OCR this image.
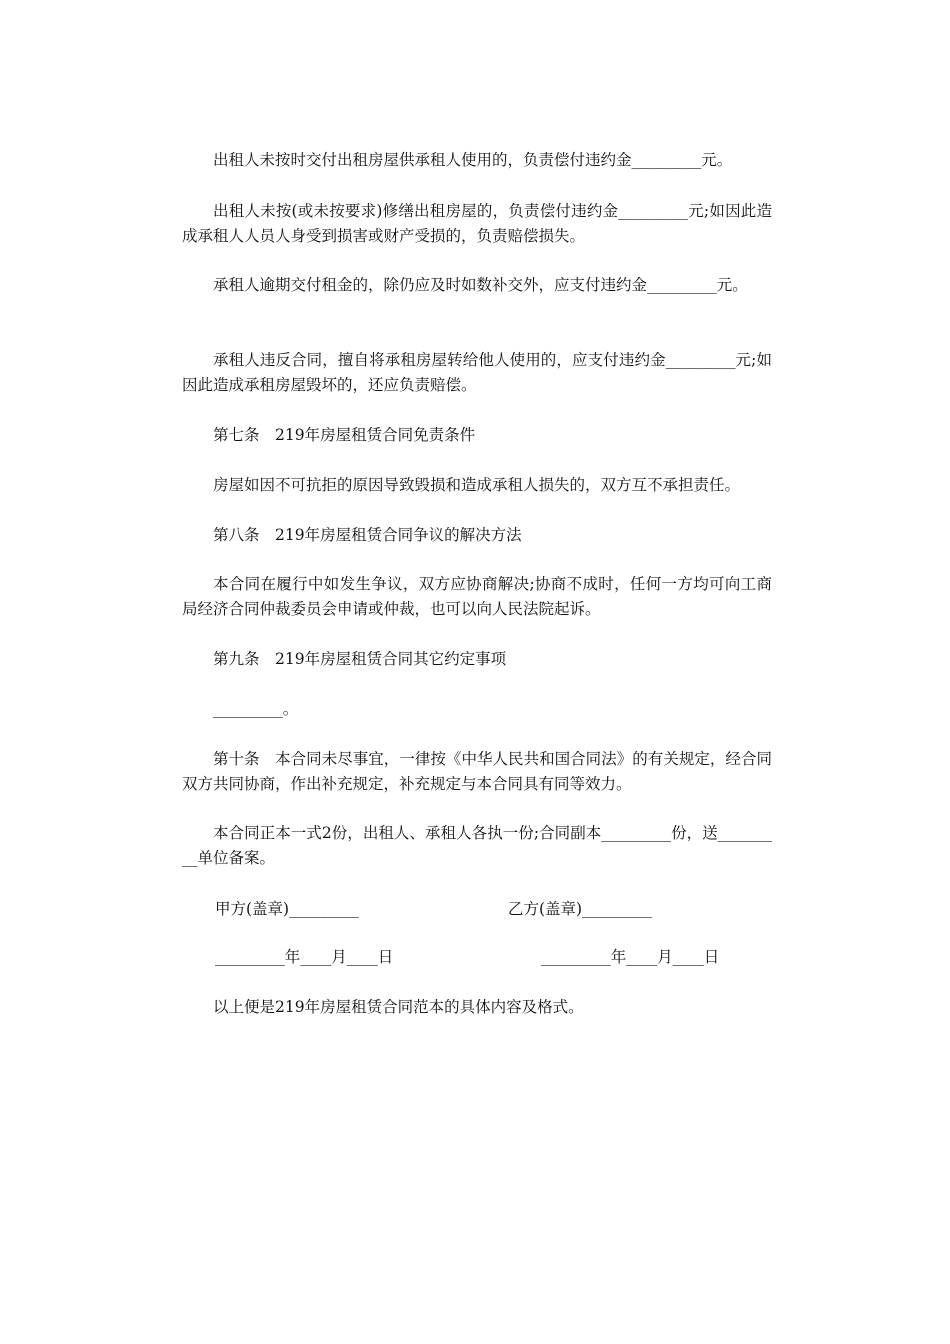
出租人未按时交付出租房屋供承租人使用的，负责偿付违约金_________元。

出租人未按(或未按要求)修缮出租房屋的，负责偿付违约金_________元;如因此造成承租人人员人身受到损害或财产受损的，负责赔偿损失。

承租人逾期交付租金的，除仍应及时如数补交外，应支付违约金_________元。

承租人违反合同，擅自将承租房屋转给他人使用的，应支付违约金_________元;如因此造成承租房屋毁坏的，还应负责赔偿。

第七条　219年房屋租赁合同免责条件

房屋如因不可抗拒的原因导致毁损和造成承租人损失的，双方互不承担责任。

第八条　219年房屋租赁合同争议的解决方法

本合同在履行中如发生争议，双方应协商解决;协商不成时，任何一方均可向工商局经济合同仲裁委员会申请或仲裁，也可以向人民法院起诉。

第九条　219年房屋租赁合同其它约定事项

_________。

第十条　本合同未尽事宜，一律按《中华人民共和国合同法》的有关规定，经合同双方共同协商，作出补充规定，补充规定与本合同具有同等效力。

本合同正本一式2份，出租人、承租人各执一份;合同副本_________份，送_________单位备案。

甲方(盖章)_________	乙方(盖章)_________

_________年____月____日	_________年____月____日

以上便是219年房屋租赁合同范本的具体内容及格式。
